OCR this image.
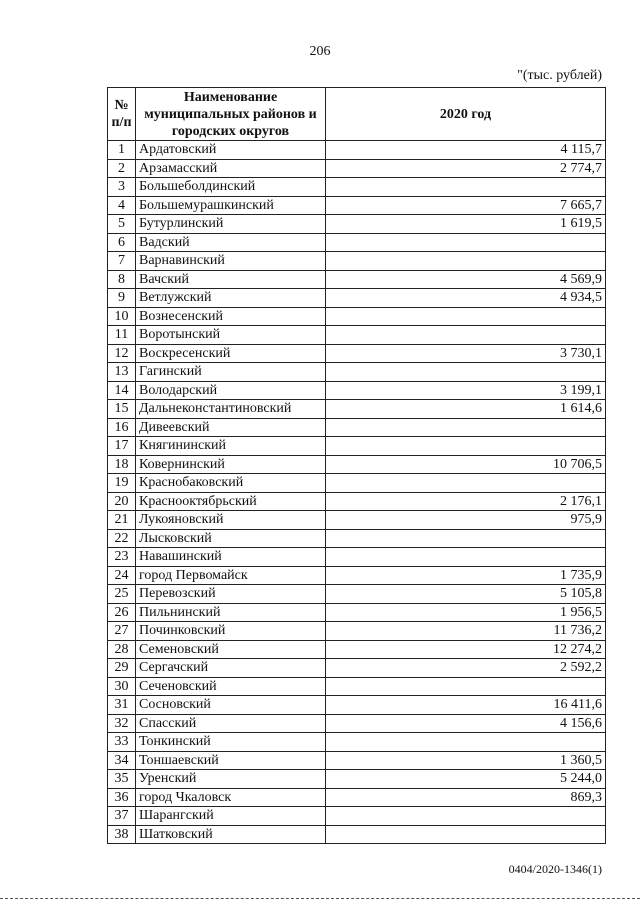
206
"(тыс. рублей)
№ п/п	Наименование муниципальных районов и городских округов	2020 год
1	Ардатовский	4 115,7
2	Арзамасский	2 774,7
3	Большеболдинский	
4	Большемурашкинский	7 665,7
5	Бутурлинский	1 619,5
6	Вадский	
7	Варнавинский	
8	Вачский	4 569,9
9	Ветлужский	4 934,5
10	Вознесенский	
11	Воротынский	
12	Воскресенский	3 730,1
13	Гагинский	
14	Володарский	3 199,1
15	Дальнеконстантиновский	1 614,6
16	Дивеевский	
17	Княгининский	
18	Ковернинский	10 706,5
19	Краснобаковский	
20	Краснооктябрьский	2 176,1
21	Лукояновский	975,9
22	Лысковский	
23	Навашинский	
24	город Первомайск	1 735,9
25	Перевозский	5 105,8
26	Пильнинский	1 956,5
27	Починковский	11 736,2
28	Семеновский	12 274,2
29	Сергачский	2 592,2
30	Сеченовский	
31	Сосновский	16 411,6
32	Спасский	4 156,6
33	Тонкинский	
34	Тоншаевский	1 360,5
35	Уренский	5 244,0
36	город Чкаловск	869,3
37	Шарангский	
38	Шатковский	
0404/2020-1346(1)
